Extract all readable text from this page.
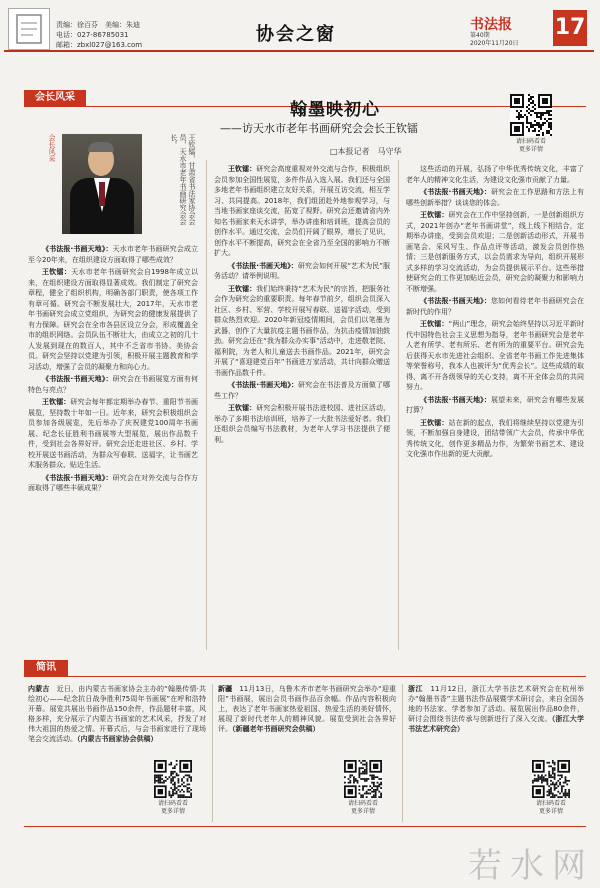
责编：徐百芬　美编：朱迪
电话：027-86785031
邮箱：zbxl027@163.com	协会之窗	书法报
第40期
2020年11月20日
17
会长风采
翰墨映初心
——访天水市老年书画研究会会长王钦镭
□本报记者　马守华
请扫码看看
更多详情
会长风采	王钦镭，甘肃省书法家协会会员，天水市老年书画研究会会长。

《书法报·书画天地》：天水市老年书画研究会成立至今20年来，在组织建设方面取得了哪些成效？

王钦镭：天水市老年书画研究会自1998年成立以来，在组织建设方面取得显著成效。我们制定了研究会章程，健全了组织机构，明确各部门职责，使各项工作有章可循。研究会不断发展壮大，2017年，天水市老年书画研究会成立党组织，为研究会的健康发展提供了有力保障。研究会在全市各县区设立分会，形成覆盖全市的组织网络。会员队伍不断壮大，由成立之初的几十人发展到现在的数百人，其中不乏省市书协、美协会员。研究会坚持以党建为引领，积极开展主题教育和学习活动，增强了会员的凝聚力和向心力。

《书法报·书画天地》：研究会在书画展览方面有何特色与亮点？

王钦镭：研究会每年都定期举办春节、重阳节书画展览，坚持数十年如一日。近年来，研究会积极组织会员参加各级展览，先后举办了庆祝建党100周年书画展、纪念长征胜利书画展等大型展览，展出作品数千件，受到社会各界好评。研究会还走进社区、乡村、学校开展送书画活动，为群众写春联、送福字，让书画艺术服务群众、贴近生活。

《书法报·书画天地》：研究会在对外交流与合作方面取得了哪些丰硕成果？

王钦镭：研究会高度重视对外交流与合作，积极组织会员参加全国性展览，多件作品入选入展。我们还与全国多地老年书画组织建立友好关系，开展互访交流，相互学习、共同提高。2018年，我们组团赴外地参观学习，与当地书画家座谈交流，拓宽了视野。研究会还邀请省内外知名书画家来天水讲学，举办讲座和培训班，提高会员的创作水平。通过交流，会员们开阔了眼界，增长了见识，创作水平不断提高，研究会在全省乃至全国的影响力不断扩大。

《书法报·书画天地》：研究会如何开展“艺术为民”服务活动？请举例说明。

王钦镭：我们始终秉持“艺术为民”的宗旨，把服务社会作为研究会的重要职责。每年春节前夕，组织会员深入社区、乡村、军营、学校开展写春联、送福字活动，受到群众热烈欢迎。2020年新冠疫情期间，会员们以笔墨为武器，创作了大量抗疫主题书画作品，为抗击疫情加油鼓劲。研究会还在“我为群众办实事”活动中，走进敬老院、福利院，为老人和儿童送去书画作品。2021年，研究会开展了“喜迎建党百年”书画进万家活动，共计向群众赠送书画作品数千件。

《书法报·书画天地》：研究会在书法普及方面做了哪些工作？

王钦镭：研究会积极开展书法进校园、进社区活动，举办了多期书法培训班，培养了一大批书法爱好者。我们还组织会员编写书法教材，为老年人学习书法提供了便利。

这些活动的开展，弘扬了中华优秀传统文化，丰富了老年人的精神文化生活，为建设文化强市贡献了力量。

《书法报·书画天地》：研究会在工作思路和方法上有哪些创新举措？谈谈您的体会。

王钦镭：研究会在工作中坚持创新，一是创新组织方式，2021年创办“老年书画讲堂”，线上线下相结合，定期举办讲座，受到会员欢迎；二是创新活动形式，开展书画笔会、采风写生、作品点评等活动，激发会员创作热情；三是创新服务方式，以会员需求为导向，组织开展形式多样的学习交流活动，为会员提供展示平台。这些举措使研究会的工作更加贴近会员，研究会的凝聚力和影响力不断增强。

《书法报·书画天地》：您如何看待老年书画研究会在新时代的作用？

王钦镭：“两山”理念，研究会始终坚持以习近平新时代中国特色社会主义思想为指导，老年书画研究会是老年人老有所学、老有所乐、老有所为的重要平台。研究会先后获得天水市先进社会组织、全省老年书画工作先进集体等荣誉称号，我本人也被评为“优秀会长”。这些成绩的取得，离不开各级领导的关心支持，离不开全体会员的共同努力。

《书法报·书画天地》：展望未来，研究会有哪些发展打算？

王钦镭：站在新的起点，我们将继续坚持以党建为引领，不断加强自身建设，团结带领广大会员，传承中华优秀传统文化，创作更多精品力作，为繁荣书画艺术、建设文化强市作出新的更大贡献。

简讯
内蒙古　近日，由内蒙古书画家协会主办的“翰墨传情·共绘初心——纪念抗日战争胜利75周年书画展”在呼和浩特开幕。展览共展出书画作品150余件，作品题材丰富，风格多样，充分展示了内蒙古书画家的艺术风采，抒发了对伟大祖国的热爱之情。开幕式后，与会书画家进行了现场笔会交流活动。（内蒙古书画家协会供稿）
新疆　11月13日，乌鲁木齐市老年书画研究会举办“迎重阳”书画展，展出会员书画作品百余幅。作品内容积极向上，表达了老年书画家热爱祖国、热爱生活的美好情怀，展现了新时代老年人的精神风貌。展览受到社会各界好评。（新疆老年书画研究会供稿）
浙江　11月12日，浙江大学书法艺术研究会在杭州举办“翰墨书香”主题书法作品展暨学术研讨会，来自全国各地的书法家、学者参加了活动。展览展出作品80余件，研讨会围绕书法传承与创新进行了深入交流。（浙江大学书法艺术研究会）
请扫码看看
更多详情
请扫码看看
更多详情
请扫码看看
更多详情
若水网
